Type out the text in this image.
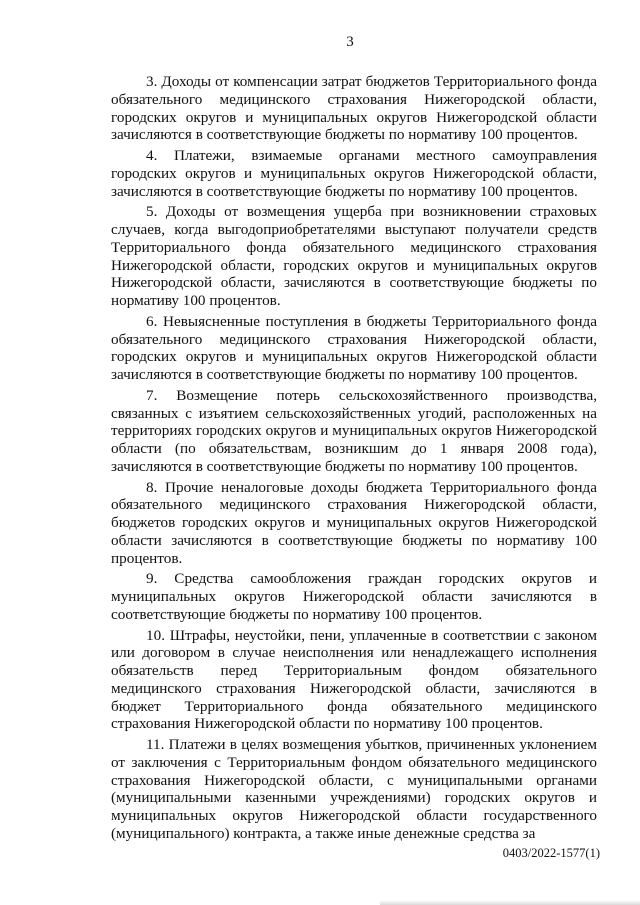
3

3. Доходы от компенсации затрат бюджетов Территориального фонда обязательного медицинского страхования Нижегородской области, городских округов и муниципальных округов Нижегородской области зачисляются в соответствующие бюджеты по нормативу 100 процентов.

4. Платежи, взимаемые органами местного самоуправления городских округов и муниципальных округов Нижегородской области, зачисляются в соответствующие бюджеты по нормативу 100 процентов.

5. Доходы от возмещения ущерба при возникновении страховых случаев, когда выгодоприобретателями выступают получатели средств Территориального фонда обязательного медицинского страхования Нижегородской области, городских округов и муниципальных округов Нижегородской области, зачисляются в соответствующие бюджеты по нормативу 100 процентов.

6. Невыясненные поступления в бюджеты Территориального фонда обязательного медицинского страхования Нижегородской области, городских округов и муниципальных округов Нижегородской области зачисляются в соответствующие бюджеты по нормативу 100 процентов.

7. Возмещение потерь сельскохозяйственного производства, связанных с изъятием сельскохозяйственных угодий, расположенных на территориях городских округов и муниципальных округов Нижегородской области (по обязательствам, возникшим до 1 января 2008 года), зачисляются в соответствующие бюджеты по нормативу 100 процентов.

8. Прочие неналоговые доходы бюджета Территориального фонда обязательного медицинского страхования Нижегородской области, бюджетов городских округов и муниципальных округов Нижегородской области зачисляются в соответствующие бюджеты по нормативу 100 процентов.

9. Средства самообложения граждан городских округов и муниципальных округов Нижегородской области зачисляются в соответствующие бюджеты по нормативу 100 процентов.

10. Штрафы, неустойки, пени, уплаченные в соответствии с законом или договором в случае неисполнения или ненадлежащего исполнения обязательств перед Территориальным фондом обязательного медицинского страхования Нижегородской области, зачисляются в бюджет Территориального фонда обязательного медицинского страхования Нижегородской области по нормативу 100 процентов.

11. Платежи в целях возмещения убытков, причиненных уклонением от заключения с Территориальным фондом обязательного медицинского страхования Нижегородской области, с муниципальными органами (муниципальными казенными учреждениями) городских округов и муниципальных округов Нижегородской области государственного (муниципального) контракта, а также иные денежные средства за

0403/2022-1577(1)
